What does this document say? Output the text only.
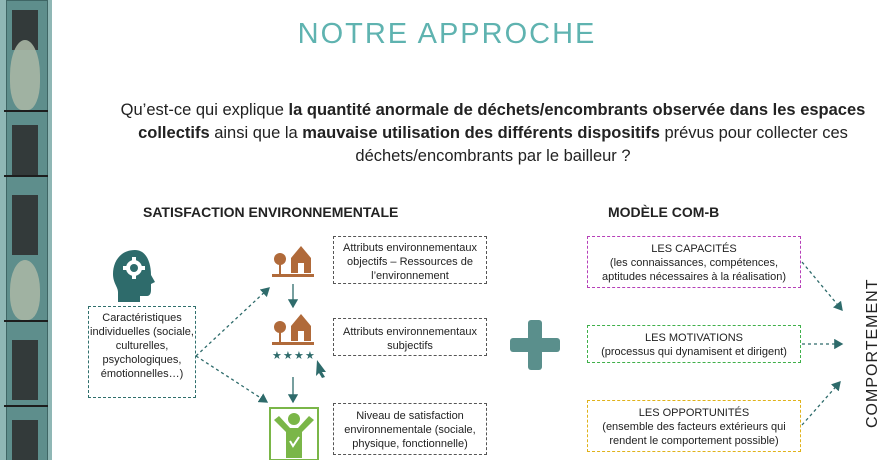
NOTRE APPROCHE
Qu’est-ce qui explique la quantité anormale de déchets/encombrants observée dans les espaces collectifs ainsi que la mauvaise utilisation des différents dispositifs prévus pour collecter ces déchets/encombrants par le bailleur ?
SATISFACTION ENVIRONNEMENTALE	MODÈLE COM-B
★ ★ ★ ★
Caractéristiques individuelles (sociale, culturelles, psychologiques, émotionnelles…)
Attributs environnementaux objectifs – Ressources de l’environnement
Attributs environnementaux subjectifs
Niveau de satisfaction environnementale (sociale, physique, fonctionnelle)
LES CAPACITÉS
(les connaissances, compétences, aptitudes nécessaires à la réalisation)
LES MOTIVATIONS
(processus qui dynamisent et dirigent)
LES OPPORTUNITÉS
(ensemble des facteurs extérieurs qui rendent le comportement possible)
COMPORTEMENT
